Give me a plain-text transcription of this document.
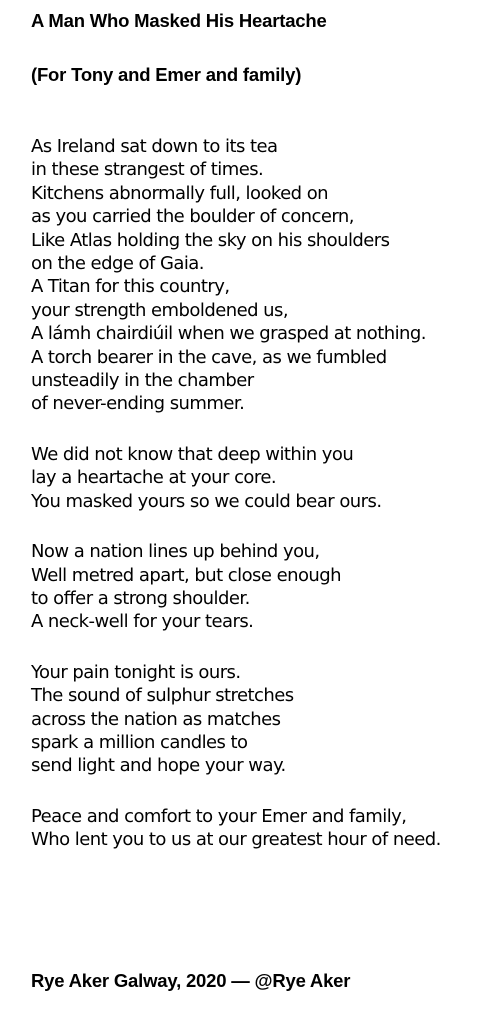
A Man Who Masked His Heartache
(For Tony and Emer and family)
As Ireland sat down to its tea
in these strangest of times.
Kitchens abnormally full, looked on
as you carried the boulder of concern,
Like Atlas holding the sky on his shoulders
on the edge of Gaia.
A Titan for this country,
your strength emboldened us,
A lámh chairdiúil when we grasped at nothing.
A torch bearer in the cave, as we fumbled
unsteadily in the chamber
of never-ending summer.
We did not know that deep within you
lay a heartache at your core.
You masked yours so we could bear ours.
Now a nation lines up behind you,
Well metred apart, but close enough
to offer a strong shoulder.
A neck-well for your tears.
Your pain tonight is ours.
The sound of sulphur stretches
across the nation as matches
spark a million candles to
send light and hope your way.
Peace and comfort to your Emer and family,
Who lent you to us at our greatest hour of need.
Rye Aker Galway, 2020 — @Rye Aker
